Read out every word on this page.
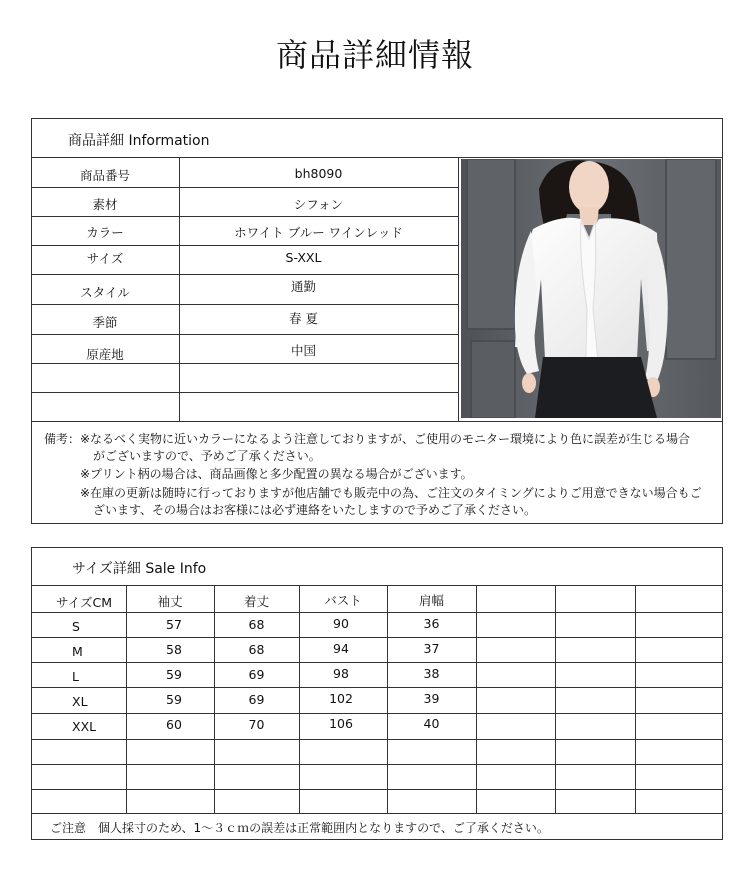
商品詳細情報
商品詳細 Information
商品番号	bh8090
素材	シフォン
カラー	ホワイト ブルー ワインレッド
サイズ	S-XXL
スタイル	通勤
季節	春 夏
原産地	中国
備考： ※なるべく実物に近いカラーになるよう注意しておりますが、ご使用のモニター環境により色に誤差が生じる場合
がございますので、予めご了承ください。
※プリント柄の場合は、商品画像と多少配置の異なる場合がございます。
※在庫の更新は随時に行っておりますが他店舗でも販売中の為、ご注文のタイミングによりご用意できない場合もご
ざいます、その場合はお客様には必ず連絡をいたしますので予めご了承ください。
サイズ詳細 Sale Info
サイズCM	袖丈	着丈	バスト	肩幅
S	57	68	90	36
M	58	68	94	37
L	59	69	98	38
XL	59	69	102	39
XXL	60	70	106	40
ご注意　個人採寸のため、1～３ｃｍの誤差は正常範囲内となりますので、ご了承ください。
